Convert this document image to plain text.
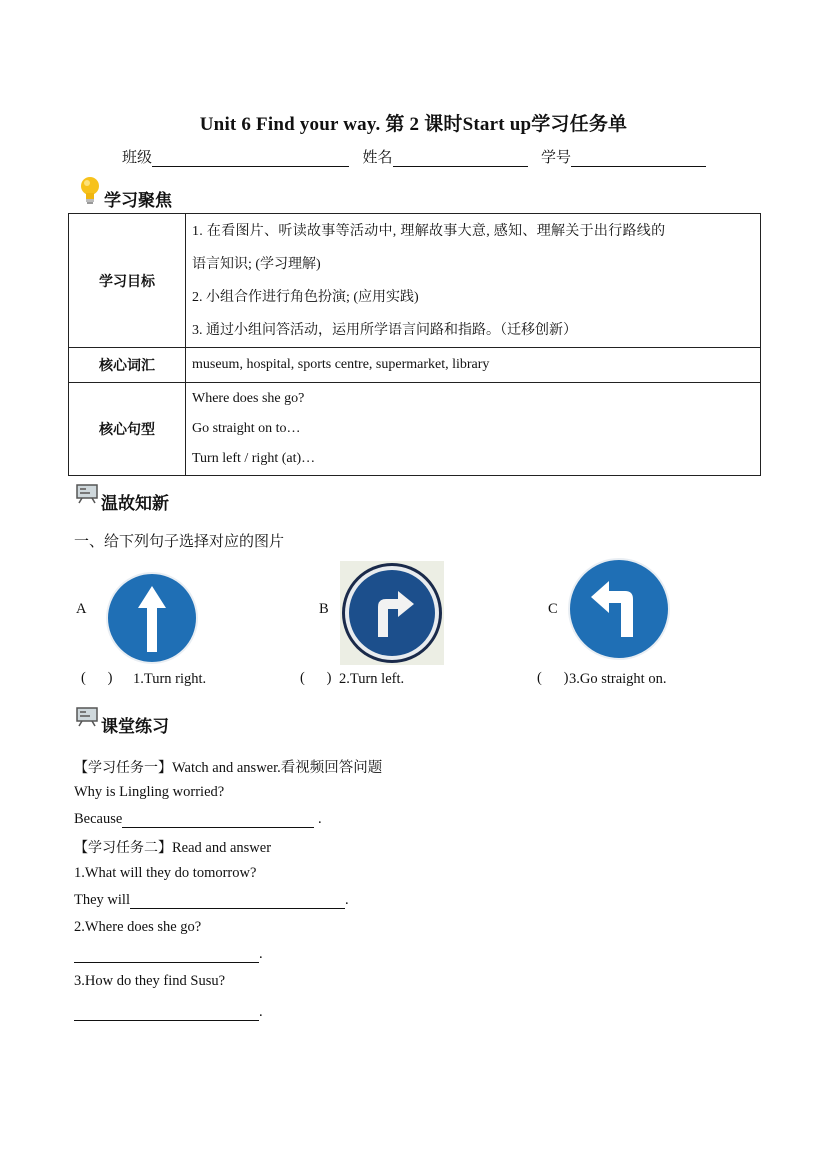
Unit 6 Find your way. 第 2 课时Start up学习任务单
班级	姓名	学号
学习聚焦
学习目标	1. 在看图片、听读故事等活动中, 理解故事大意, 感知、理解关于出行路线的
语言知识; (学习理解)
2. 小组合作进行角色扮演; (应用实践)
3. 通过小组问答活动，运用所学语言问路和指路。（迁移创新）

核心词汇	museum, hospital, sports centre, supermarket, library
核心句型	Where does she go?
Go straight on to…
Turn left / right (at)…
温故知新
一、给下列句子选择对应的图片
A	B	C
(      ) 1.Turn right.	(      ) 2.Turn left.	(      ) 3.Go straight on.
课堂练习
【学习任务一】Watch and answer.看视频回答问题
Why is Lingling worried?
Because	.
【学习任务二】Read and answer
1.What will they do tomorrow?
They will	.
2.Where does she go?
.
3.How do they find Susu?
.
